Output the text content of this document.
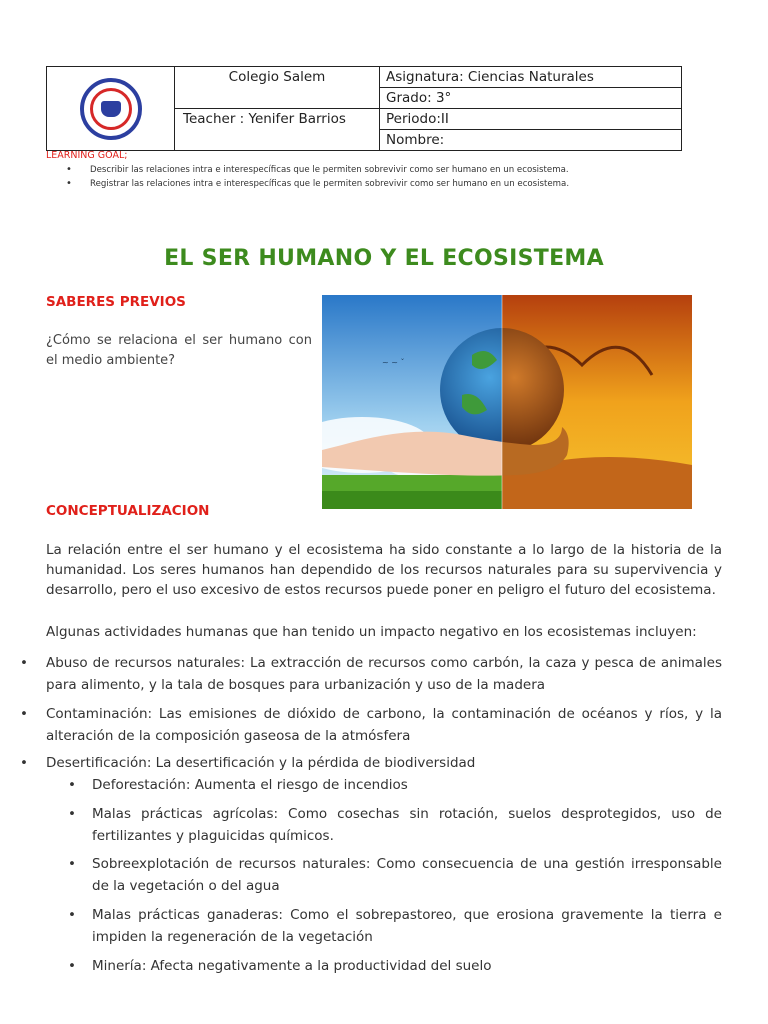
	Colegio Salem	Asignatura: Ciencias Naturales
		Grado: 3°
	Teacher : Yenifer Barrios	Periodo:II
		Nombre:
LEARNING GOAL;
• Describir las relaciones intra e interespecíficas que le permiten sobrevivir como ser humano en un ecosistema.
• Registrar las relaciones intra e interespecíficas que le permiten sobrevivir como ser humano en un ecosistema.
EL SER HUMANO Y EL ECOSISTEMA
SABERES PREVIOS
¿Cómo se relaciona el ser humano con el medio ambiente?	~ ~ ˇ
CONCEPTUALIZACION

La relación entre el ser humano y el ecosistema ha sido constante a lo largo de la historia de la humanidad. Los seres humanos han dependido de los recursos naturales para su supervivencia y desarrollo, pero el uso excesivo de estos recursos puede poner en peligro el futuro del ecosistema.

Algunas actividades humanas que han tenido un impacto negativo en los ecosistemas incluyen:

• Abuso de recursos naturales: La extracción de recursos como carbón, la caza y pesca de animales para alimento, y la tala de bosques para urbanización y uso de la madera
• Contaminación: Las emisiones de dióxido de carbono, la contaminación de océanos y ríos, y la alteración de la composición gaseosa de la atmósfera
• Desertificación: La desertificación y la pérdida de biodiversidad
• Deforestación: Aumenta el riesgo de incendios
• Malas prácticas agrícolas: Como cosechas sin rotación, suelos desprotegidos, uso de fertilizantes y plaguicidas químicos.
• Sobreexplotación de recursos naturales: Como consecuencia de una gestión irresponsable de la vegetación o del agua
• Malas prácticas ganaderas: Como el sobrepastoreo, que erosiona gravemente la tierra e impiden la regeneración de la vegetación
• Minería: Afecta negativamente a la productividad del suelo
